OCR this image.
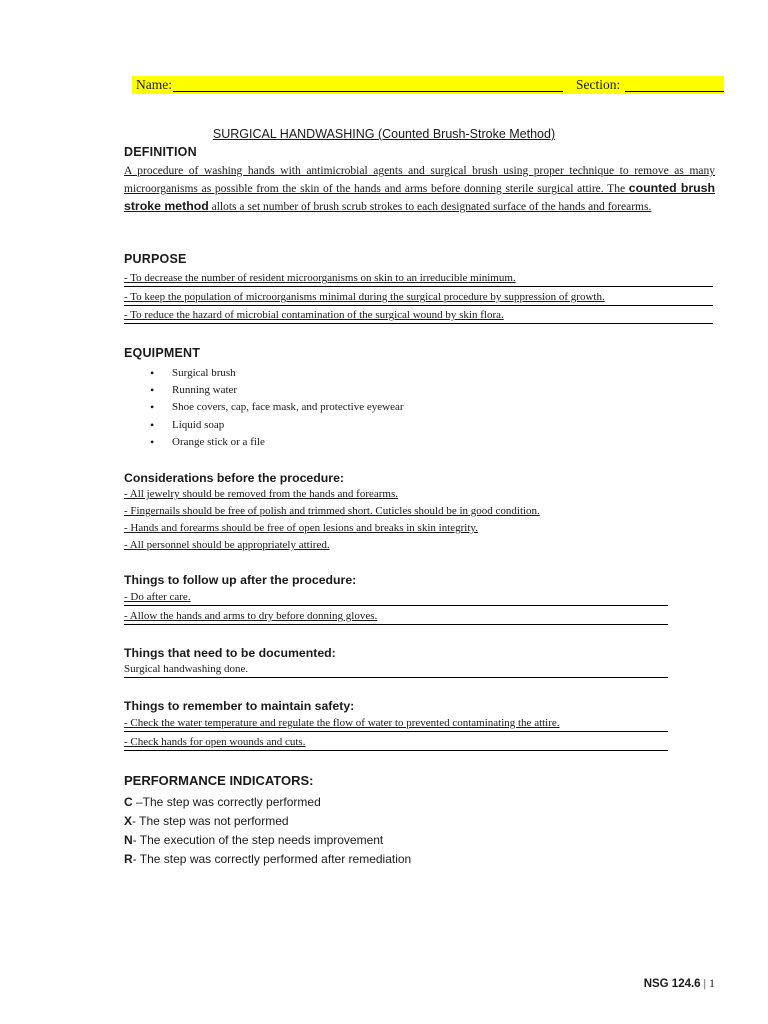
Name:	Section:
SURGICAL HANDWASHING (Counted Brush-Stroke Method)
DEFINITION

A procedure of washing hands with antimicrobial agents and surgical brush using proper technique to remove as many microorganisms as possible from the skin of the hands and arms before donning sterile surgical attire. The counted brush stroke method allots a set number of brush scrub strokes to each designated surface of the hands and forearms.

PURPOSE
- To decrease the number of resident microorganisms on skin to an irreducible minimum.
- To keep the population of microorganisms minimal during the surgical procedure by suppression of growth.
- To reduce the hazard of microbial contamination of the surgical wound by skin flora.
EQUIPMENT
• Surgical brush
• Running water
• Shoe covers, cap, face mask, and protective eyewear
• Liquid soap
• Orange stick or a file
Considerations before the procedure:
- All jewelry should be removed from the hands and forearms.
- Fingernails should be free of polish and trimmed short. Cuticles should be in good condition.
- Hands and forearms should be free of open lesions and breaks in skin integrity.
- All personnel should be appropriately attired.
Things to follow up after the procedure:
- Do after care.
- Allow the hands and arms to dry before donning gloves.
Things that need to be documented:
Surgical handwashing done.
Things to remember to maintain safety:
- Check the water temperature and regulate the flow of water to prevented contaminating the attire.
- Check hands for open wounds and cuts.
PERFORMANCE INDICATORS:
C –The step was correctly performed
X- The step was not performed
N- The execution of the step needs improvement
R- The step was correctly performed after remediation
NSG 124.6 | 1
